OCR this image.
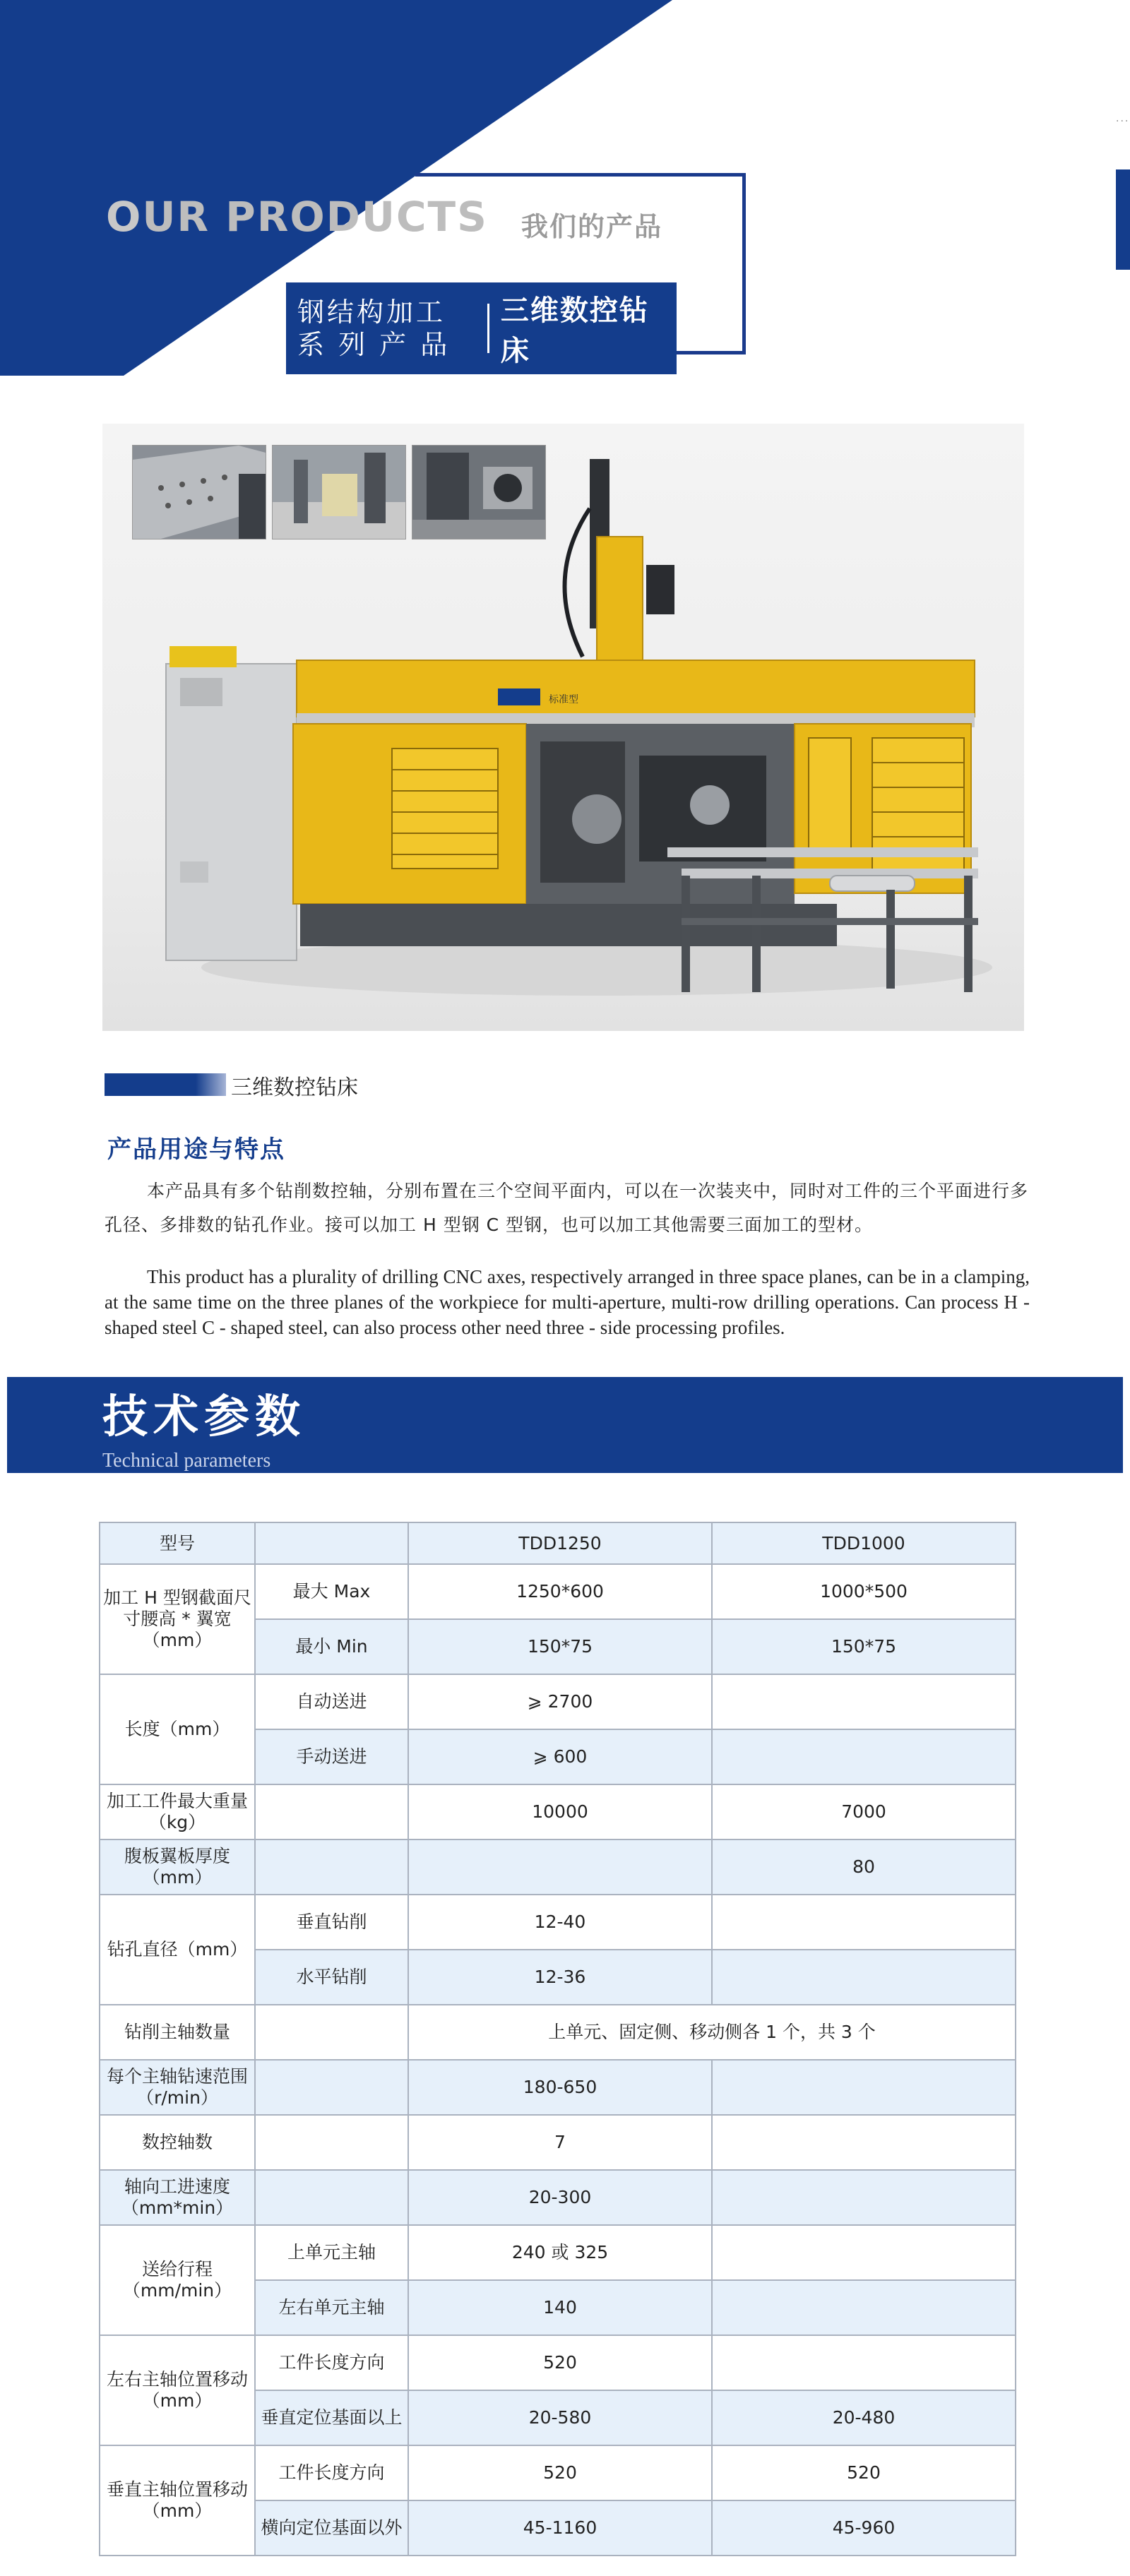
OUR PRODUCTS 我们的产品
钢结构加工
系 列 产 品
三维数控钻床
...
标准型
三维数控钻床
产品用途与特点
本产品具有多个钻削数控轴，分别布置在三个空间平面内，可以在一次装夹中，同时对工件的三个平面进行多孔径、多排数的钻孔作业。接可以加工 H 型钢 C 型钢，也可以加工其他需要三面加工的型材。
This product has a plurality of drilling CNC axes, respectively arranged in three space planes, can be in a clamping, at the same time on the three planes of the workpiece for multi-aperture, multi-row drilling operations. Can process H - shaped steel C - shaped steel, can also process other need three - side processing profiles.
技术参数
Technical parameters
型号		TDD1250	TDD1000
加工 H 型钢截面尺寸腰高 * 翼宽（mm）	最大 Max	1250*600	1000*500
	最小 Min	150*75	150*75
长度（mm）	自动送进	⩾ 2700	
	手动送进	⩾ 600	
加工工件最大重量（kg）		10000	7000
腹板翼板厚度（mm）			80
钻孔直径（mm）	垂直钻削	12-40	
	水平钻削	12-36	
钻削主轴数量		上单元、固定侧、移动侧各 1 个，共 3 个	
每个主轴钻速范围（r/min）		180-650	
数控轴数		7	
轴向工进速度（mm*min）		20-300	
送给行程（mm/min）	上单元主轴	240 或 325	
	左右单元主轴	140	
左右主轴位置移动（mm）	工件长度方向	520	
	垂直定位基面以上	20-580	20-480
垂直主轴位置移动（mm）	工件长度方向	520	520
	横向定位基面以外	45-1160	45-960
